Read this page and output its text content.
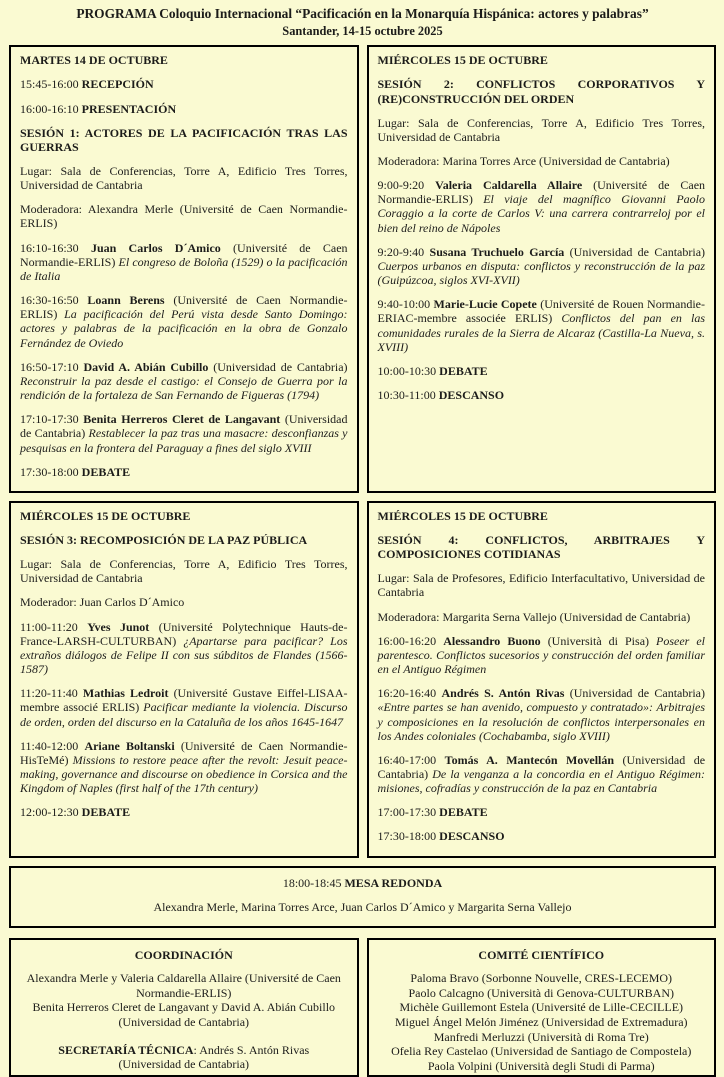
PROGRAMA Coloquio Internacional “Pacificación en la Monarquía Hispánica: actores y palabras”
Santander, 14-15 octubre 2025

MARTES 14 DE OCTUBRE

15:45-16:00 RECEPCIÓN

16:00-16:10 PRESENTACIÓN

SESIÓN 1: ACTORES DE LA PACIFICACIÓN TRAS LAS GUERRAS

Lugar: Sala de Conferencias, Torre A, Edificio Tres Torres, Universidad de Cantabria

Moderadora: Alexandra Merle (Université de Caen Normandie-ERLIS)

16:10-16:30 Juan Carlos D´Amico (Université de Caen Normandie-ERLIS) El congreso de Boloña (1529) o la pacificación de Italia

16:30-16:50 Loann Berens (Université de Caen Normandie-ERLIS) La pacificación del Perú vista desde Santo Domingo: actores y palabras de la pacificación en la obra de Gonzalo Fernández de Oviedo

16:50-17:10 David A. Abián Cubillo (Universidad de Cantabria) Reconstruir la paz desde el castigo: el Consejo de Guerra por la rendición de la fortaleza de San Fernando de Figueras (1794)

17:10-17:30 Benita Herreros Cleret de Langavant (Universidad de Cantabria) Restablecer la paz tras una masacre: desconfianzas y pesquisas en la frontera del Paraguay a fines del siglo XVIII

17:30-18:00 DEBATE

MIÉRCOLES 15 DE OCTUBRE

SESIÓN 2: CONFLICTOS CORPORATIVOS Y (RE)CONSTRUCCIÓN DEL ORDEN

Lugar: Sala de Conferencias, Torre A, Edificio Tres Torres, Universidad de Cantabria

Moderadora: Marina Torres Arce (Universidad de Cantabria)

9:00-9:20 Valeria Caldarella Allaire (Université de Caen Normandie-ERLIS) El viaje del magnífico Giovanni Paolo Coraggio a la corte de Carlos V: una carrera contrarreloj por el bien del reino de Nápoles

9:20-9:40 Susana Truchuelo García (Universidad de Cantabria) Cuerpos urbanos en disputa: conflictos y reconstrucción de la paz (Guipúzcoa, siglos XVI-XVII)

9:40-10:00 Marie-Lucie Copete (Université de Rouen Normandie-ERIAC-membre associée ERLIS) Conflictos del pan en las comunidades rurales de la Sierra de Alcaraz (Castilla-La Nueva, s. XVIII)

10:00-10:30 DEBATE

10:30-11:00 DESCANSO

MIÉRCOLES 15 DE OCTUBRE

SESIÓN 3: RECOMPOSICIÓN DE LA PAZ PÚBLICA

Lugar: Sala de Conferencias, Torre A, Edificio Tres Torres, Universidad de Cantabria

Moderador: Juan Carlos D´Amico

11:00-11:20 Yves Junot (Université Polytechnique Hauts-de-France-LARSH-CULTURBAN) ¿Apartarse para pacificar? Los extraños diálogos de Felipe II con sus súbditos de Flandes (1566-1587)

11:20-11:40 Mathias Ledroit (Université Gustave Eiffel-LISAA-membre associé ERLIS) Pacificar mediante la violencia. Discurso de orden, orden del discurso en la Cataluña de los años 1645-1647

11:40-12:00 Ariane Boltanski (Université de Caen Normandie-HisTeMé) Missions to restore peace after the revolt: Jesuit peace-making, governance and discourse on obedience in Corsica and the Kingdom of Naples (first half of the 17th century)

12:00-12:30 DEBATE

MIÉRCOLES 15 DE OCTUBRE

SESIÓN 4: CONFLICTOS, ARBITRAJES Y COMPOSICIONES COTIDIANAS

Lugar: Sala de Profesores, Edificio Interfacultativo, Universidad de Cantabria

Moderadora: Margarita Serna Vallejo (Universidad de Cantabria)

16:00-16:20 Alessandro Buono (Università di Pisa) Poseer el parentesco. Conflictos sucesorios y construcción del orden familiar en el Antiguo Régimen

16:20-16:40 Andrés S. Antón Rivas (Universidad de Cantabria) «Entre partes se han avenido, compuesto y contratado»: Arbitrajes y composiciones en la resolución de conflictos interpersonales en los Andes coloniales (Cochabamba, siglo XVIII)

16:40-17:00 Tomás A. Mantecón Movellán (Universidad de Cantabria) De la venganza a la concordia en el Antiguo Régimen: misiones, cofradías y construcción de la paz en Cantabria

17:00-17:30 DEBATE

17:30-18:00 DESCANSO

18:00-18:45 MESA REDONDA

Alexandra Merle, Marina Torres Arce, Juan Carlos D´Amico y Margarita Serna Vallejo

COORDINACIÓN
Alexandra Merle y Valeria Caldarella Allaire (Université de Caen Normandie-ERLIS)
Benita Herreros Cleret de Langavant y David A. Abián Cubillo (Universidad de Cantabria)
SECRETARÍA TÉCNICA: Andrés S. Antón Rivas
(Universidad de Cantabria)
COMITÉ CIENTÍFICO
Paloma Bravo (Sorbonne Nouvelle, CRES-LECEMO)
Paolo Calcagno (Università di Genova-CULTURBAN)
Michèle Guillemont Estela (Université de Lille-CECILLE)
Miguel Ángel Melón Jiménez (Universidad de Extremadura)
Manfredi Merluzzi (Università di Roma Tre)
Ofelia Rey Castelao (Universidad de Santiago de Compostela)
Paola Volpini (Università degli Studi di Parma)
